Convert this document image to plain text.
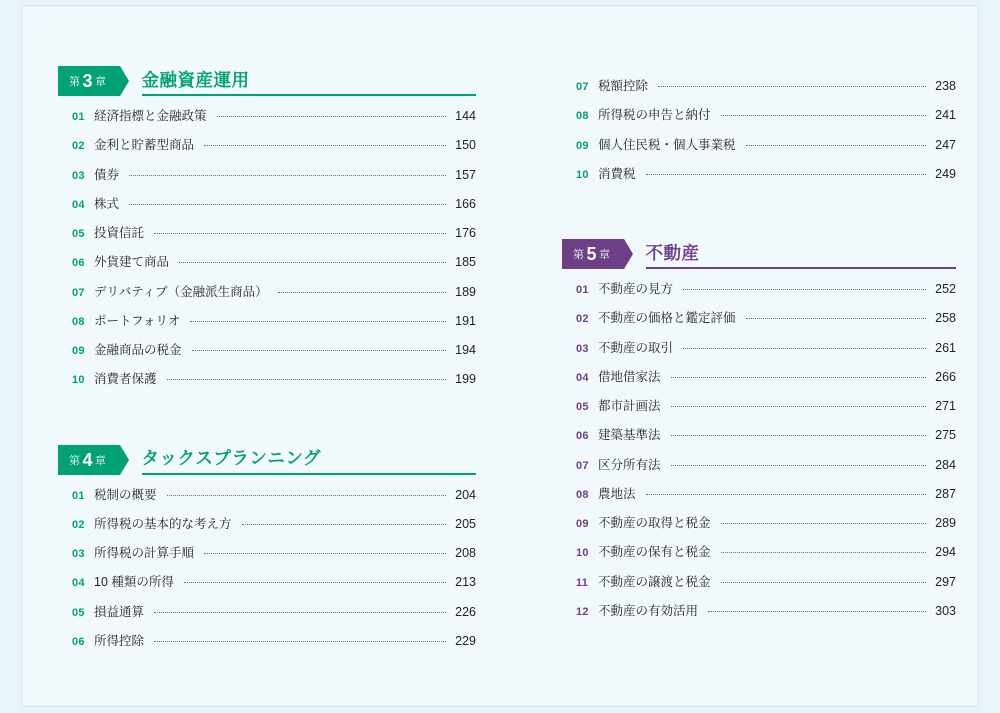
第 3 章 金融資産運用
01 経済指標と金融政策	144
02 金利と貯蓄型商品	150
03 債券	157
04 株式	166
05 投資信託	176
06 外貨建て商品	185
07 デリバティブ（金融派生商品）	189
08 ポートフォリオ	191
09 金融商品の税金	194
10 消費者保護	199
第 4 章 タックスプランニング
01 税制の概要	204
02 所得税の基本的な考え方	205
03 所得税の計算手順	208
04 10 種類の所得	213
05 損益通算	226
06 所得控除	229
07 税額控除	238
08 所得税の申告と納付	241
09 個人住民税・個人事業税	247
10 消費税	249
第 5 章 不動産
01 不動産の見方	252
02 不動産の価格と鑑定評価	258
03 不動産の取引	261
04 借地借家法	266
05 都市計画法	271
06 建築基準法	275
07 区分所有法	284
08 農地法	287
09 不動産の取得と税金	289
10 不動産の保有と税金	294
11 不動産の譲渡と税金	297
12 不動産の有効活用	303
